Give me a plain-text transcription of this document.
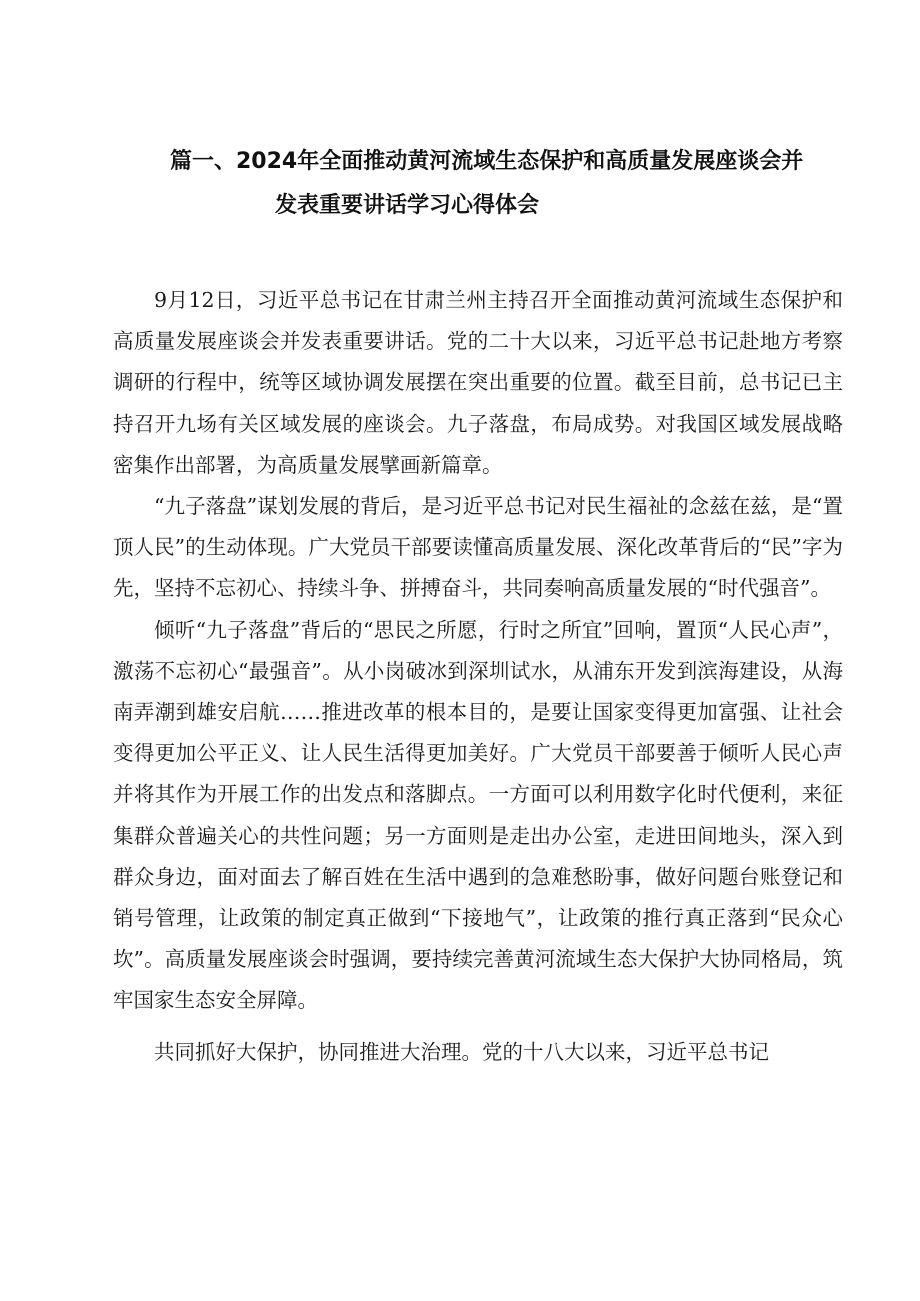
篇一、2024年全面推动黄河流域生态保护和高质量发展座谈会并
发表重要讲话学习心得体会

9月12日，习近平总书记在甘肃兰州主持召开全面推动黄河流域生态保护和高质量发展座谈会并发表重要讲话。党的二十大以来，习近平总书记赴地方考察调研的行程中，统等区域协调发展摆在突出重要的位置。截至目前，总书记已主持召开九场有关区域发展的座谈会。九子落盘，布局成势。对我国区域发展战略密集作出部署，为高质量发展擘画新篇章。

“九子落盘”谋划发展的背后，是习近平总书记对民生福祉的念兹在兹，是“置顶人民”的生动体现。广大党员干部要读懂高质量发展、深化改革背后的“民”字为先，坚持不忘初心、持续斗争、拼搏奋斗，共同奏响高质量发展的“时代强音”。

倾听“九子落盘”背后的“思民之所愿，行时之所宜”回响，置顶“人民心声”，激荡不忘初心“最强音”。从小岗破冰到深圳试水，从浦东开发到滨海建设，从海南弄潮到雄安启航……推进改革的根本目的，是要让国家变得更加富强、让社会变得更加公平正义、让人民生活得更加美好。广大党员干部要善于倾听人民心声并将其作为开展工作的出发点和落脚点。一方面可以利用数字化时代便利，来征集群众普遍关心的共性问题；另一方面则是走出办公室，走进田间地头，深入到群众身边，面对面去了解百姓在生活中遇到的急难愁盼事，做好问题台账登记和销号管理，让政策的制定真正做到“下接地气”，让政策的推行真正落到“民众心坎”。高质量发展座谈会时强调，要持续完善黄河流域生态大保护大协同格局，筑牢国家生态安全屏障。

共同抓好大保护，协同推进大治理。党的十八大以来，习近平总书记
